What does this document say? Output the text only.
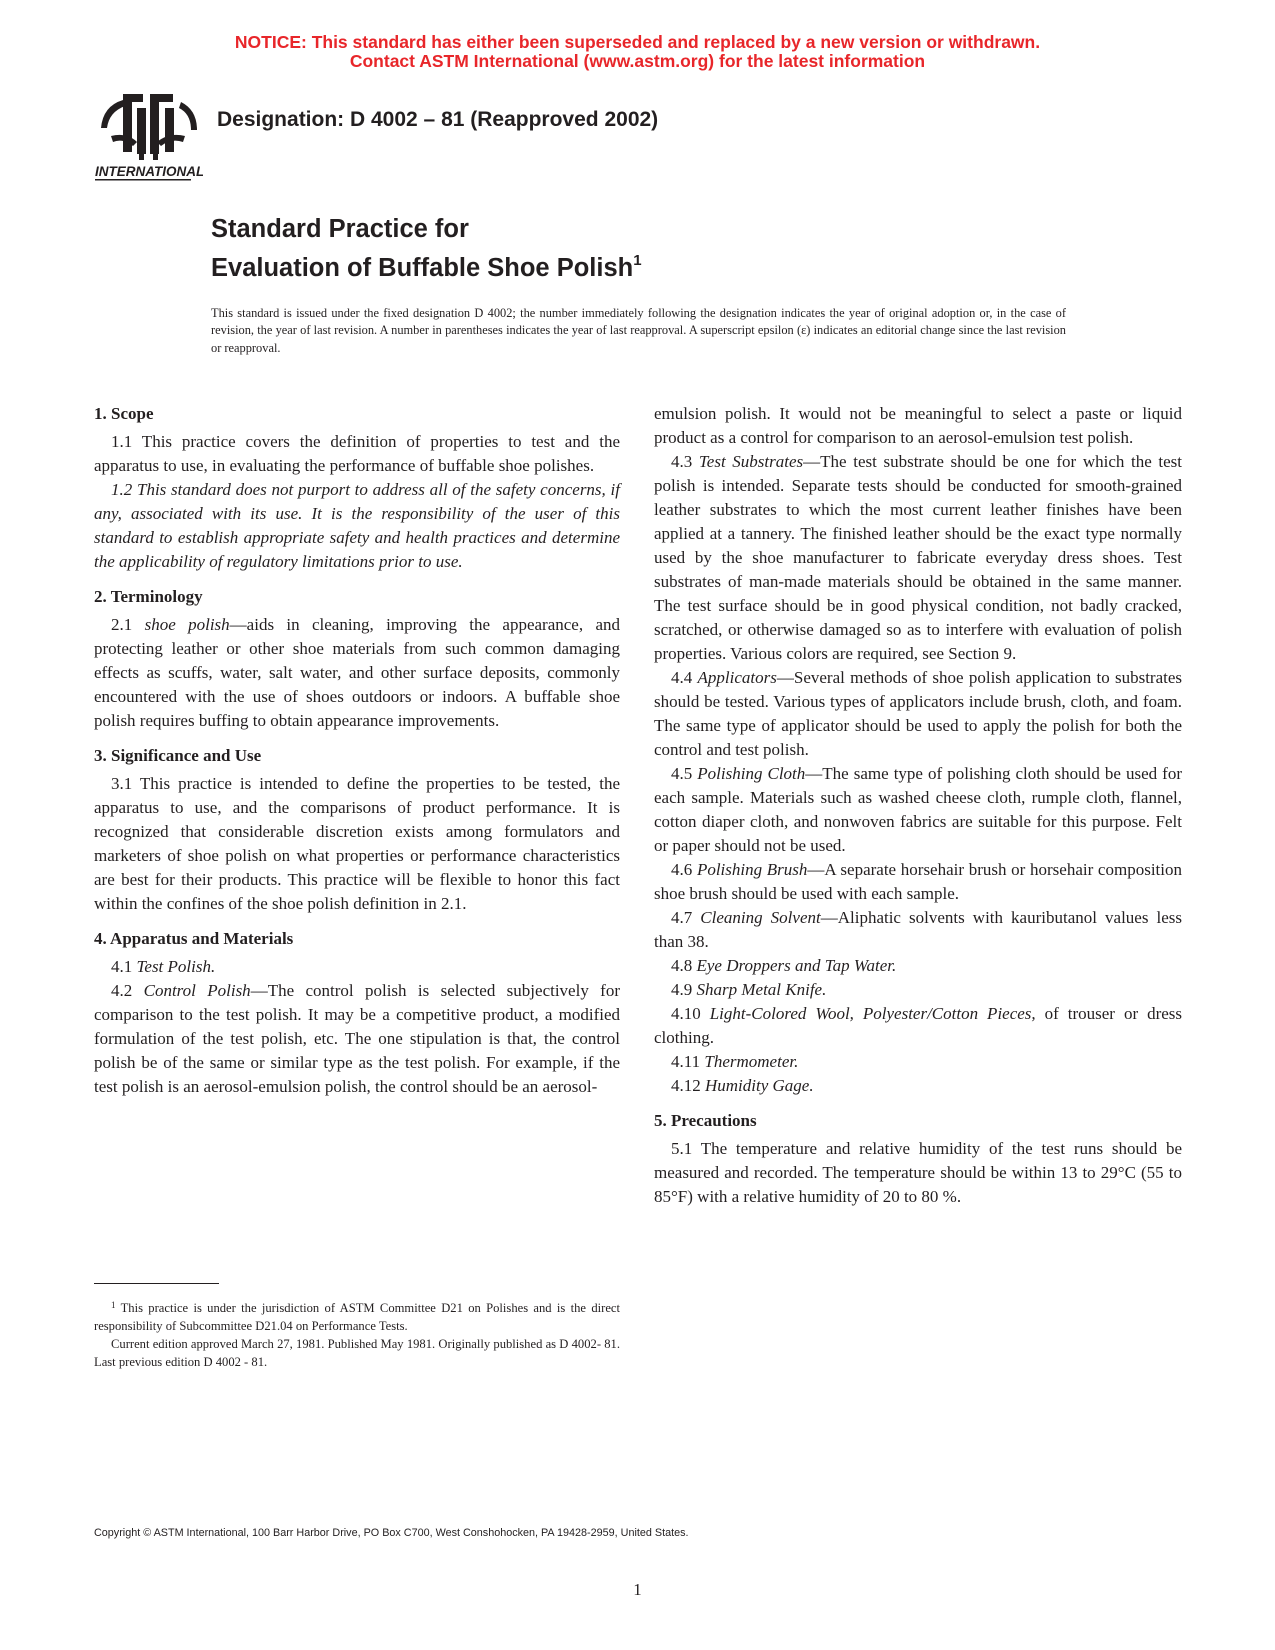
NOTICE: This standard has either been superseded and replaced by a new version or withdrawn.
Contact ASTM International (www.astm.org) for the latest information
INTERNATIONAL
Designation: D 4002 – 81 (Reapproved 2002)
Standard Practice for
Evaluation of Buffable Shoe Polish$^1$
This standard is issued under the fixed designation D 4002; the number immediately following the designation indicates the year of original adoption or, in the case of revision, the year of last revision. A number in parentheses indicates the year of last reapproval. A superscript epsilon (ε) indicates an editorial change since the last revision or reapproval.

1. Scope

1.1 This practice covers the definition of properties to test and the apparatus to use, in evaluating the performance of buffable shoe polishes.

1.2 This standard does not purport to address all of the safety concerns, if any, associated with its use. It is the responsibility of the user of this standard to establish appropriate safety and health practices and determine the applicability of regulatory limitations prior to use.

2. Terminology

2.1 shoe polish—aids in cleaning, improving the appearance, and protecting leather or other shoe materials from such common damaging effects as scuffs, water, salt water, and other surface deposits, commonly encountered with the use of shoes outdoors or indoors. A buffable shoe polish requires buffing to obtain appearance improvements.

3. Significance and Use

3.1 This practice is intended to define the properties to be tested, the apparatus to use, and the comparisons of product performance. It is recognized that considerable discretion exists among formulators and marketers of shoe polish on what properties or performance characteristics are best for their products. This practice will be flexible to honor this fact within the confines of the shoe polish definition in 2.1.

4. Apparatus and Materials

4.1 Test Polish.

4.2 Control Polish—The control polish is selected subjectively for comparison to the test polish. It may be a competitive product, a modified formulation of the test polish, etc. The one stipulation is that, the control polish be of the same or similar type as the test polish. For example, if the test polish is an aerosol-emulsion polish, the control should be an aerosol-

$^1$ This practice is under the jurisdiction of ASTM Committee D21 on Polishes and is the direct responsibility of Subcommittee D21.04 on Performance Tests.

Current edition approved March 27, 1981. Published May 1981. Originally published as D 4002- 81. Last previous edition D 4002 - 81.

emulsion polish. It would not be meaningful to select a paste or liquid product as a control for comparison to an aerosol-emulsion test polish.

4.3 Test Substrates—The test substrate should be one for which the test polish is intended. Separate tests should be conducted for smooth-grained leather substrates to which the most current leather finishes have been applied at a tannery. The finished leather should be the exact type normally used by the shoe manufacturer to fabricate everyday dress shoes. Test substrates of man-made materials should be obtained in the same manner. The test surface should be in good physical condition, not badly cracked, scratched, or otherwise damaged so as to interfere with evaluation of polish properties. Various colors are required, see Section 9.

4.4 Applicators—Several methods of shoe polish application to substrates should be tested. Various types of applicators include brush, cloth, and foam. The same type of applicator should be used to apply the polish for both the control and test polish.

4.5 Polishing Cloth—The same type of polishing cloth should be used for each sample. Materials such as washed cheese cloth, rumple cloth, flannel, cotton diaper cloth, and nonwoven fabrics are suitable for this purpose. Felt or paper should not be used.

4.6 Polishing Brush—A separate horsehair brush or horsehair composition shoe brush should be used with each sample.

4.7 Cleaning Solvent—Aliphatic solvents with kauributanol values less than 38.

4.8 Eye Droppers and Tap Water.

4.9 Sharp Metal Knife.

4.10 Light-Colored Wool, Polyester/Cotton Pieces, of trouser or dress clothing.

4.11 Thermometer.

4.12 Humidity Gage.

5. Precautions

5.1 The temperature and relative humidity of the test runs should be measured and recorded. The temperature should be within 13 to 29°C (55 to 85°F) with a relative humidity of 20 to 80 %.

Copyright © ASTM International, 100 Barr Harbor Drive, PO Box C700, West Conshohocken, PA 19428-2959, United States.
1
